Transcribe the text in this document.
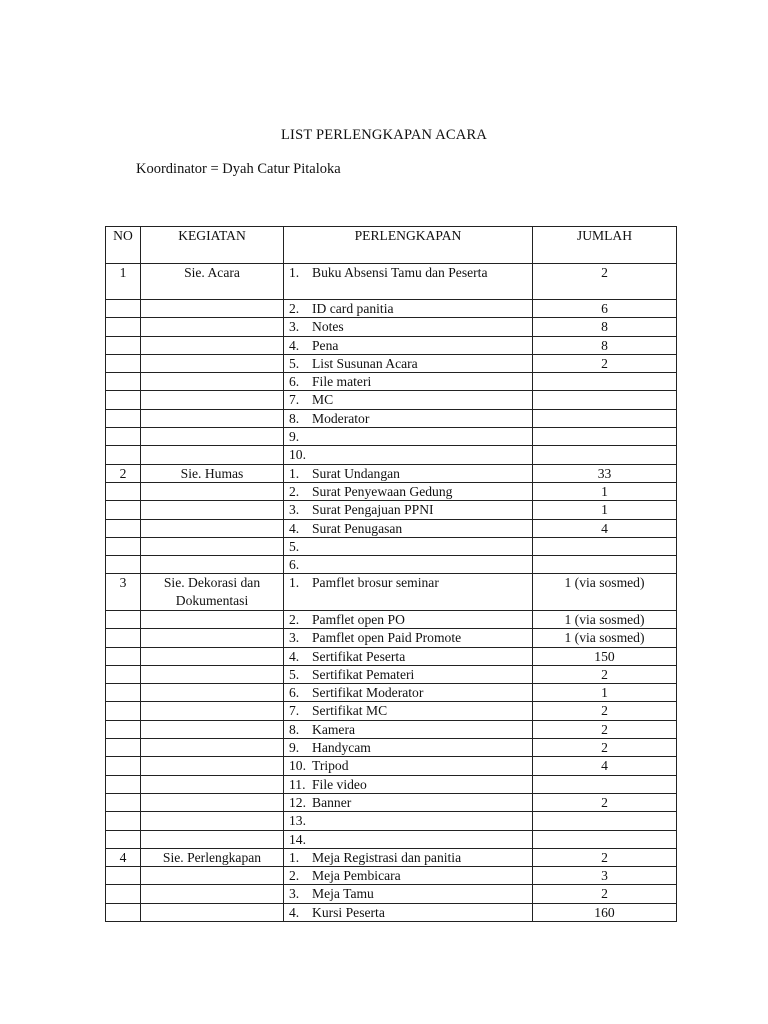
LIST PERLENGKAPAN ACARA
Koordinator = Dyah Catur Pitaloka
NO	KEGIATAN	PERLENGKAPAN	JUMLAH
1	Sie. Acara	1. Buku Absensi Tamu dan Peserta	2

		2. ID card panitia	6

		3. Notes	8

		4. Pena	8

		5. List Susunan Acara	2

		6. File materi	

		7. MC	

		8. Moderator	

		9.	

		10.	

2	Sie. Humas	1. Surat Undangan	33

		2. Surat Penyewaan Gedung	1

		3. Surat Pengajuan PPNI	1

		4. Surat Penugasan	4

		5.	

		6.	

3	Sie. Dekorasi dan Dokumentasi	1. Pamflet brosur seminar	1 (via sosmed)

		2. Pamflet open PO	1 (via sosmed)

		3. Pamflet open Paid Promote	1 (via sosmed)

		4. Sertifikat Peserta	150

		5. Sertifikat Pemateri	2

		6. Sertifikat Moderator	1

		7. Sertifikat MC	2

		8. Kamera	2

		9. Handycam	2

		10. Tripod	4

		11. File video	

		12. Banner	2

		13.	

		14.	

4	Sie. Perlengkapan	1. Meja Registrasi dan panitia	2

		2. Meja Pembicara	3

		3. Meja Tamu	2

		4. Kursi Peserta	160
